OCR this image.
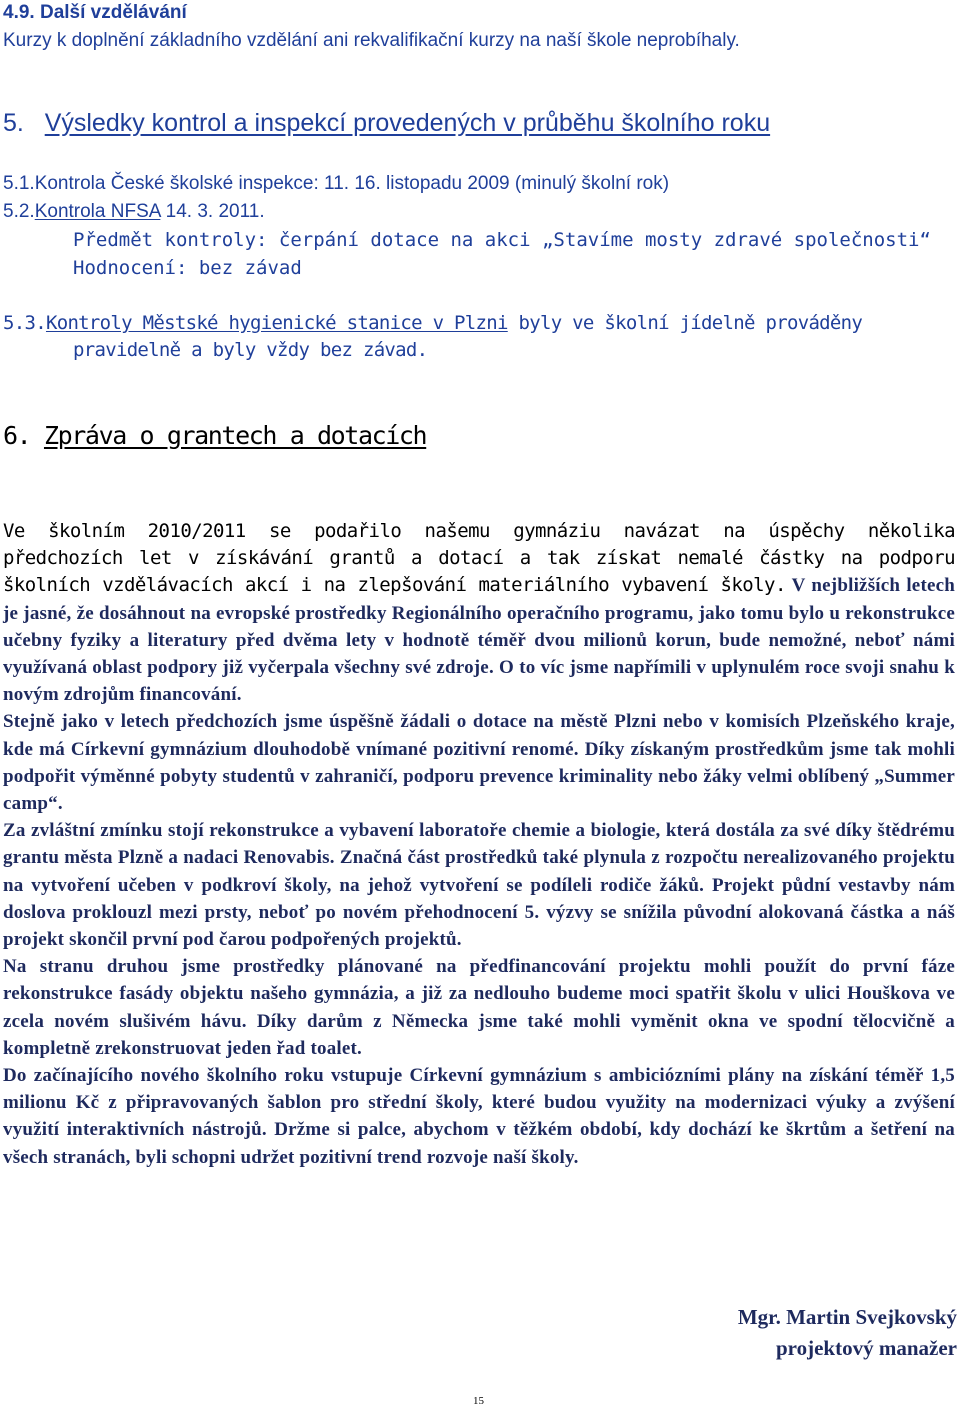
4.9. Další vzdělávání
Kurzy k doplnění základního vzdělání ani rekvalifikační kurzy na naší škole neprobíhaly.
5. Výsledky kontrol a inspekcí provedených v průběhu školního roku
5.1.Kontrola České školské inspekce: 11. 16. listopadu 2009 (minulý školní rok)
5.2.Kontrola NFSA 14. 3. 2011.
Předmět kontroly: čerpání dotace na akci „Stavíme mosty zdravé společnosti“
Hodnocení: bez závad
5.3.Kontroly Městské hygienické stanice v Plzni byly ve školní jídelně prováděny
pravidelně a byly vždy bez závad.
6. Zpráva o grantech a dotacích
Ve školním 2010/2011 se podařilo našemu gymnáziu navázat na úspěchy několika předchozích let v získávání grantů a dotací a tak získat nemalé částky na podporu školních vzdělávacích akcí i na zlepšování materiálního vybavení školy. V nejbližších letech je jasné, že dosáhnout na evropské prostředky Regionálního operačního programu, jako tomu bylo u rekonstrukce učebny fyziky a literatury před dvěma lety v hodnotě téměř dvou milionů korun, bude nemožné, neboť námi využívaná oblast podpory již vyčerpala všechny své zdroje. O to víc jsme napřímili v uplynulém roce svoji snahu k novým zdrojům financování.
Stejně jako v letech předchozích jsme úspěšně žádali o dotace na městě Plzni nebo v komisích Plzeňského kraje, kde má Církevní gymnázium dlouhodobě vnímané pozitivní renomé. Díky získaným prostředkům jsme tak mohli podpořit výměnné pobyty studentů v zahraničí, podporu prevence kriminality nebo žáky velmi oblíbený „Summer camp“.
Za zvláštní zmínku stojí rekonstrukce a vybavení laboratoře chemie a biologie, která dostála za své díky štědrému grantu města Plzně a nadaci Renovabis. Značná část prostředků také plynula z rozpočtu nerealizovaného projektu na vytvoření učeben v podkroví školy, na jehož vytvoření se podíleli rodiče žáků. Projekt půdní vestavby nám doslova proklouzl mezi prsty, neboť po novém přehodnocení 5. výzvy se snížila původní alokovaná částka a náš projekt skončil první pod čarou podpořených projektů.
Na stranu druhou jsme prostředky plánované na předfinancování projektu mohli použít do první fáze rekonstrukce fasády objektu našeho gymnázia, a již za nedlouho budeme moci spatřit školu v ulici Houškova ve zcela novém slušivém hávu. Díky darům z Německa jsme také mohli vyměnit okna ve spodní tělocvičně a kompletně zrekonstruovat jeden řad toalet.
Do začínajícího nového školního roku vstupuje Církevní gymnázium s ambiciózními plány na získání téměř 1,5 milionu Kč z připravovaných šablon pro střední školy, které budou využity na modernizaci výuky a zvýšení využití interaktivních nástrojů. Držme si palce, abychom v těžkém období, kdy dochází ke škrtům a šetření na všech stranách, byli schopni udržet pozitivní trend rozvoje naší školy.
Mgr. Martin Svejkovský
projektový manažer
15
